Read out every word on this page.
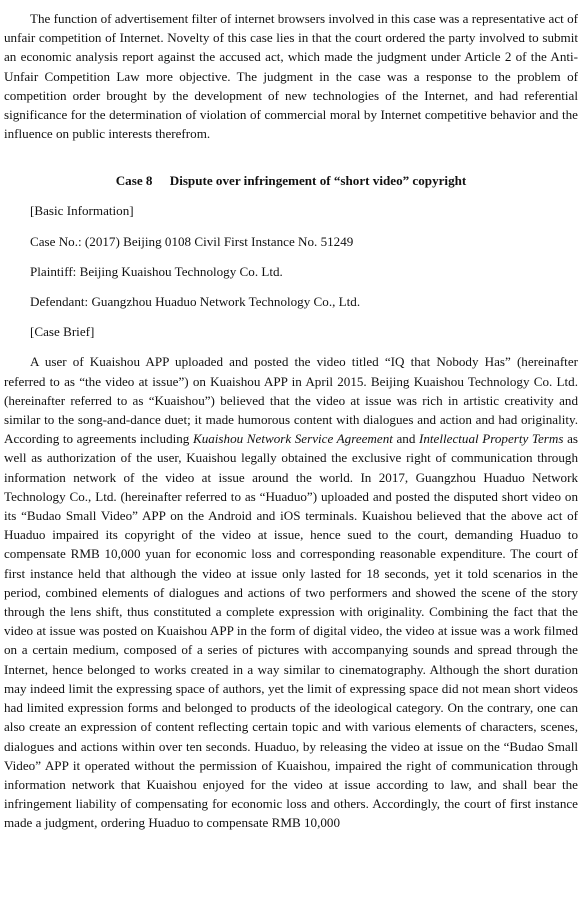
The function of advertisement filter of internet browsers involved in this case was a representative act of unfair competition of Internet. Novelty of this case lies in that the court ordered the party involved to submit an economic analysis report against the accused act, which made the judgment under Article 2 of the Anti-Unfair Competition Law more objective. The judgment in the case was a response to the problem of competition order brought by the development of new technologies of the Internet, and had referential significance for the determination of violation of commercial moral by Internet competitive behavior and the influence on public interests therefrom.

Case 8 Dispute over infringement of “short video” copyright

[Basic Information]

Case No.: (2017) Beijing 0108 Civil First Instance No. 51249

Plaintiff: Beijing Kuaishou Technology Co. Ltd.

Defendant: Guangzhou Huaduo Network Technology Co., Ltd.

[Case Brief]

A user of Kuaishou APP uploaded and posted the video titled “IQ that Nobody Has” (hereinafter referred to as “the video at issue”) on Kuaishou APP in April 2015. Beijing Kuaishou Technology Co. Ltd. (hereinafter referred to as “Kuaishou”) believed that the video at issue was rich in artistic creativity and similar to the song-and-dance duet; it made humorous content with dialogues and action and had originality. According to agreements including Kuaishou Network Service Agreement and Intellectual Property Terms as well as authorization of the user, Kuaishou legally obtained the exclusive right of communication through information network of the video at issue around the world. In 2017, Guangzhou Huaduo Network Technology Co., Ltd. (hereinafter referred to as “Huaduo”) uploaded and posted the disputed short video on its “Budao Small Video” APP on the Android and iOS terminals. Kuaishou believed that the above act of Huaduo impaired its copyright of the video at issue, hence sued to the court, demanding Huaduo to compensate RMB 10,000 yuan for economic loss and corresponding reasonable expenditure. The court of first instance held that although the video at issue only lasted for 18 seconds, yet it told scenarios in the period, combined elements of dialogues and actions of two performers and showed the scene of the story through the lens shift, thus constituted a complete expression with originality. Combining the fact that the video at issue was posted on Kuaishou APP in the form of digital video, the video at issue was a work filmed on a certain medium, composed of a series of pictures with accompanying sounds and spread through the Internet, hence belonged to works created in a way similar to cinematography. Although the short duration may indeed limit the expressing space of authors, yet the limit of expressing space did not mean short videos had limited expression forms and belonged to products of the ideological category. On the contrary, one can also create an expression of content reflecting certain topic and with various elements of characters, scenes, dialogues and actions within over ten seconds. Huaduo, by releasing the video at issue on the “Budao Small Video” APP it operated without the permission of Kuaishou, impaired the right of communication through information network that Kuaishou enjoyed for the video at issue according to law, and shall bear the infringement liability of compensating for economic loss and others. Accordingly, the court of first instance made a judgment, ordering Huaduo to compensate RMB 10,000
